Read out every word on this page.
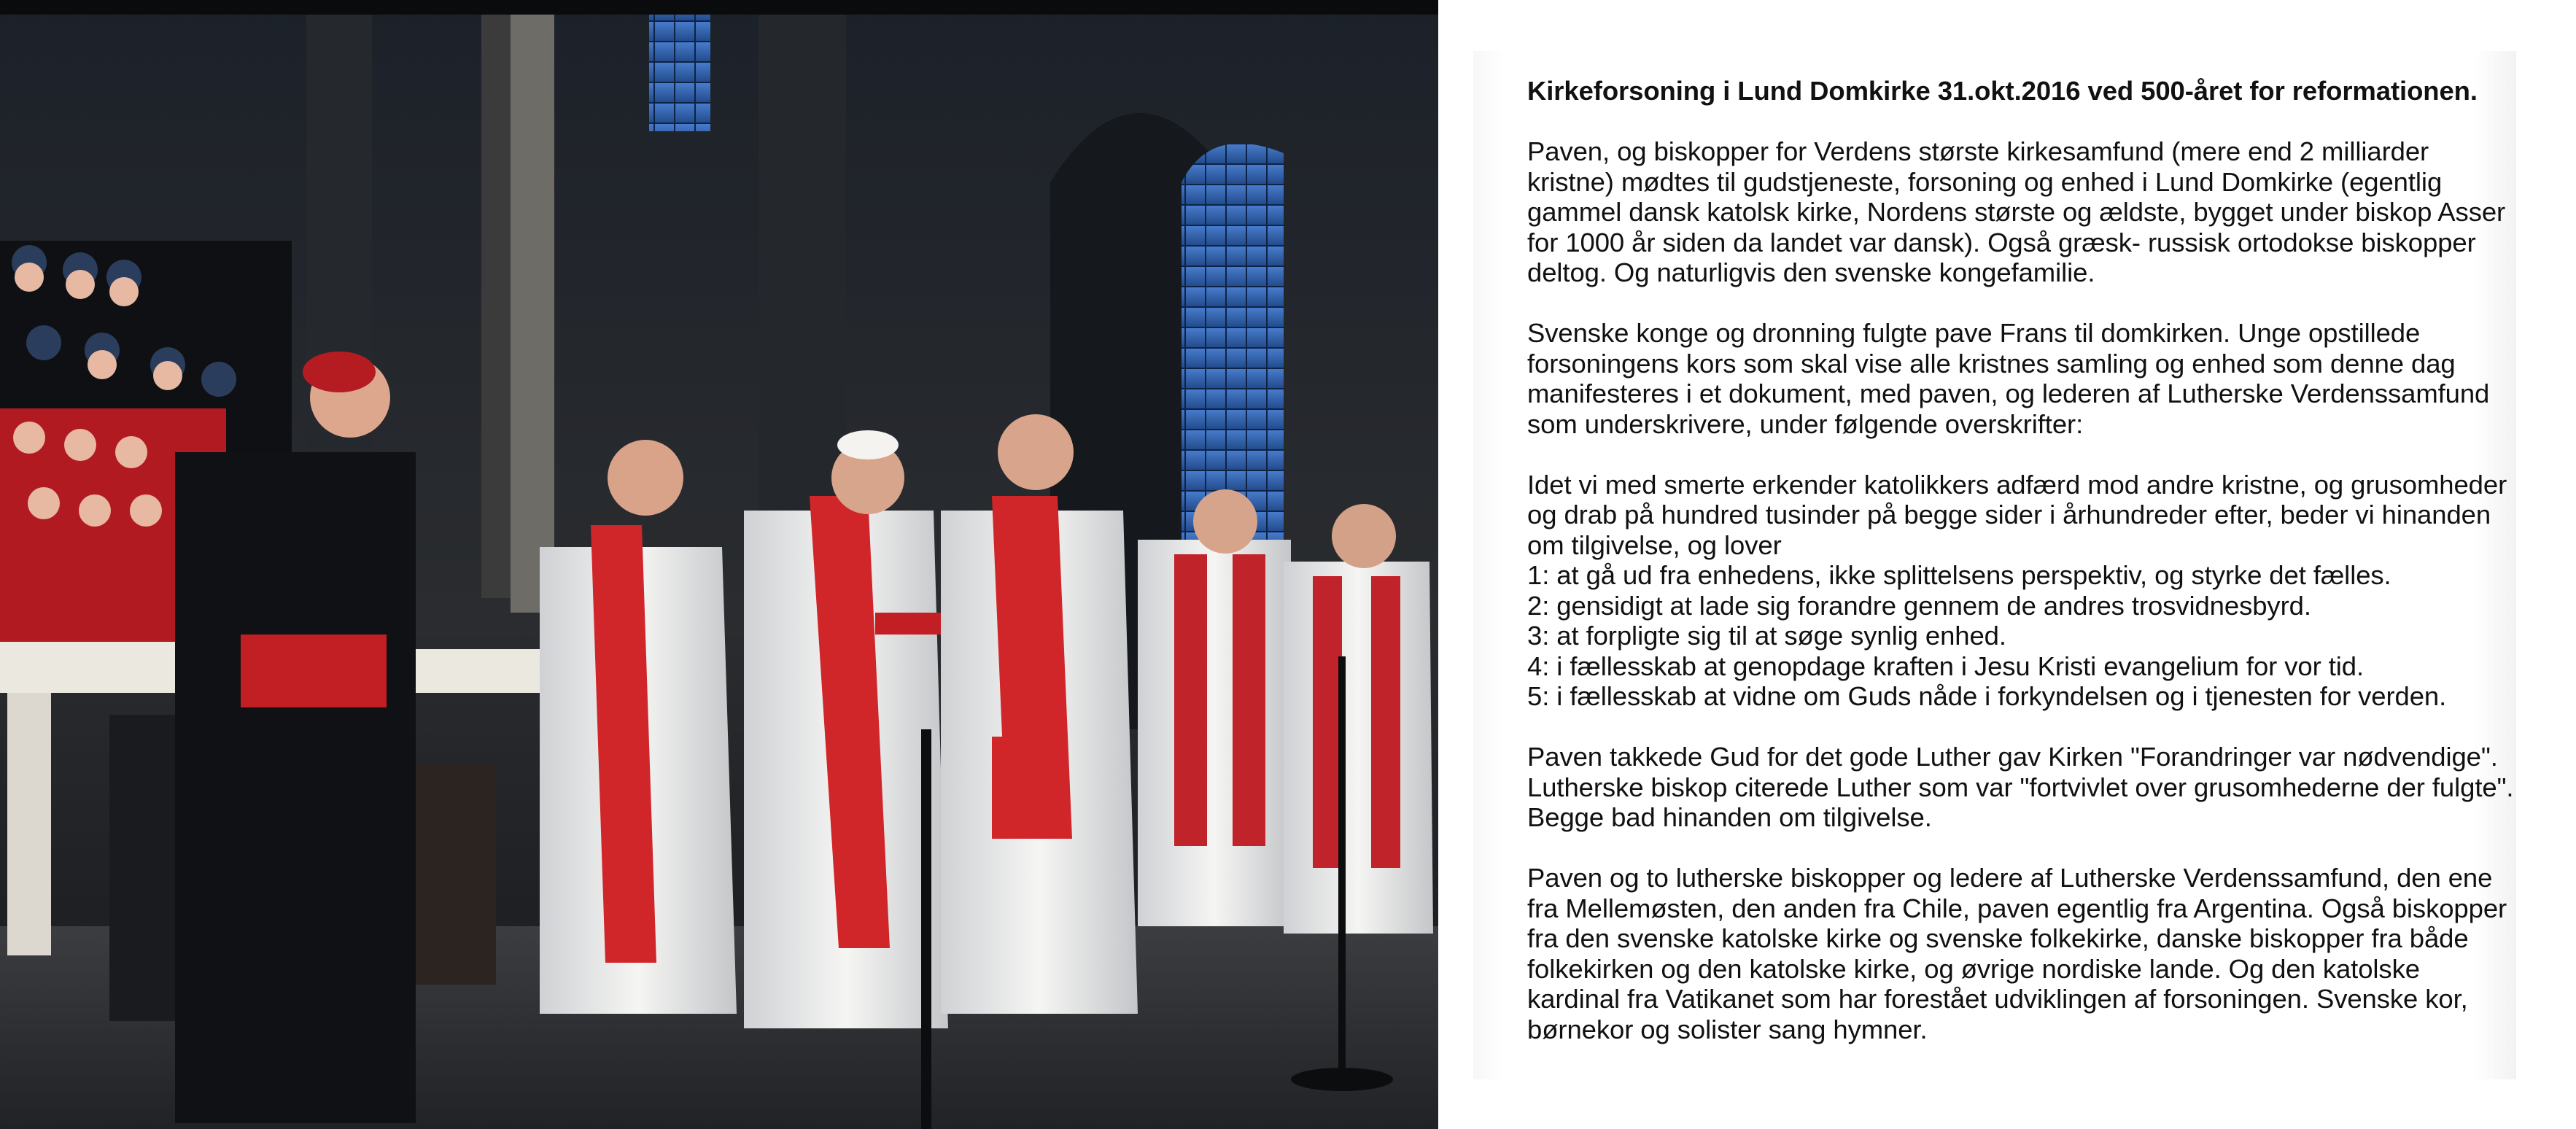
Kirkeforsoning i Lund Domkirke 31.okt.2016 ved 500-året for reformationen.

Paven, og biskopper for Verdens største kirkesamfund (mere end 2 milliarder kristne) mødtes til gudstjeneste, forsoning og enhed i Lund Domkirke (egentlig gammel dansk katolsk kirke, Nordens største og ældste, bygget under biskop Asser for 1000 år siden da landet var dansk). Også græsk- russisk ortodokse biskopper deltog. Og naturligvis den svenske kongefamilie.

Svenske konge og dronning fulgte pave Frans til domkirken. Unge opstillede forsoningens kors som skal vise alle kristnes samling og enhed som denne dag manifesteres i et dokument, med paven, og lederen af Lutherske Verdenssamfund som underskrivere, under følgende overskrifter:

Idet vi med smerte erkender katolikkers adfærd mod andre kristne, og grusomheder og drab på hundred tusinder på begge sider i århundreder efter, beder vi hinanden om tilgivelse, og lover
1: at gå ud fra enhedens, ikke splittelsens perspektiv, og styrke det fælles.
2: gensidigt at lade sig forandre gennem de andres trosvidnesbyrd.
3: at forpligte sig til at søge synlig enhed.
4: i fællesskab at genopdage kraften i Jesu Kristi evangelium for vor tid.
5: i fællesskab at vidne om Guds nåde i forkyndelsen og i tjenesten for verden.

Paven takkede Gud for det gode Luther gav Kirken "Forandringer var nødvendige". Lutherske biskop citerede Luther som var "fortvivlet over grusomhederne der fulgte". Begge bad hinanden om tilgivelse.

Paven og to lutherske biskopper og ledere af Lutherske Verdenssamfund, den ene fra Mellemøsten, den anden fra Chile, paven egentlig fra Argentina. Også biskopper fra den svenske katolske kirke og svenske folkekirke, danske biskopper fra både folkekirken og den katolske kirke, og øvrige nordiske lande. Og den katolske kardinal fra Vatikanet som har forestået udviklingen af forsoningen. Svenske kor, børnekor og solister sang hymner.
